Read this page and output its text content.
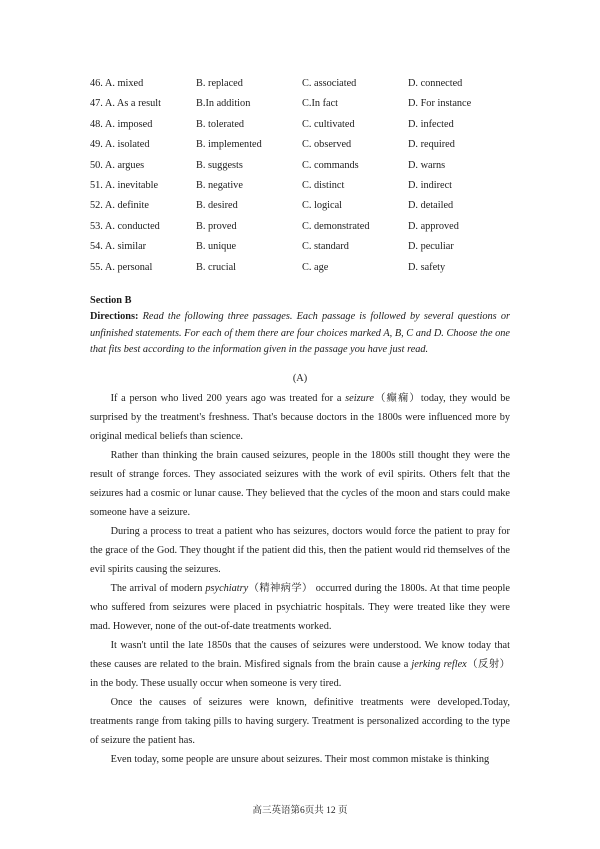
46. A. mixed	B. replaced	C. associated	D. connected
47. A. As a result	B.In addition	C.In fact	D. For instance
48. A. imposed	B. tolerated	C. cultivated	D. infected
49. A. isolated	B. implemented	C. observed	D. required
50. A. argues	B. suggests	C. commands	D. warns
51. A. inevitable	B. negative	C. distinct	D. indirect
52. A. definite	B. desired	C. logical	D. detailed
53. A. conducted	B. proved	C. demonstrated	D. approved
54. A. similar	B. unique	C. standard	D. peculiar
55. A. personal	B. crucial	C. age	D. safety
Section B
Directions: Read the following three passages. Each passage is followed by several questions or unfinished statements. For each of them there are four choices marked A, B, C and D. Choose the one that fits best according to the information given in the passage you have just read.
(A)

If a person who lived 200 years ago was treated for a seizure（癫痫）today, they would be surprised by the treatment's freshness. That's because doctors in the 1800s were influenced more by original medical beliefs than science.

Rather than thinking the brain caused seizures, people in the 1800s still thought they were the result of strange forces. They associated seizures with the work of evil spirits. Others felt that the seizures had a cosmic or lunar cause. They believed that the cycles of the moon and stars could make someone have a seizure.

During a process to treat a patient who has seizures, doctors would force the patient to pray for the grace of the God. They thought if the patient did this, then the patient would rid themselves of the evil spirits causing the seizures.

The arrival of modern psychiatry（精神病学） occurred during the 1800s. At that time people who suffered from seizures were placed in psychiatric hospitals. They were treated like they were mad. However, none of the out-of-date treatments worked.

It wasn't until the late 1850s that the causes of seizures were understood. We know today that these causes are related to the brain. Misfired signals from the brain cause a jerking reflex（反射） in the body. These usually occur when someone is very tired.

Once the causes of seizures were known, definitive treatments were developed.Today, treatments range from taking pills to having surgery. Treatment is personalized according to the type of seizure the patient has.

Even today, some people are unsure about seizures. Their most common mistake is thinking

高三英语第6页共 12 页
